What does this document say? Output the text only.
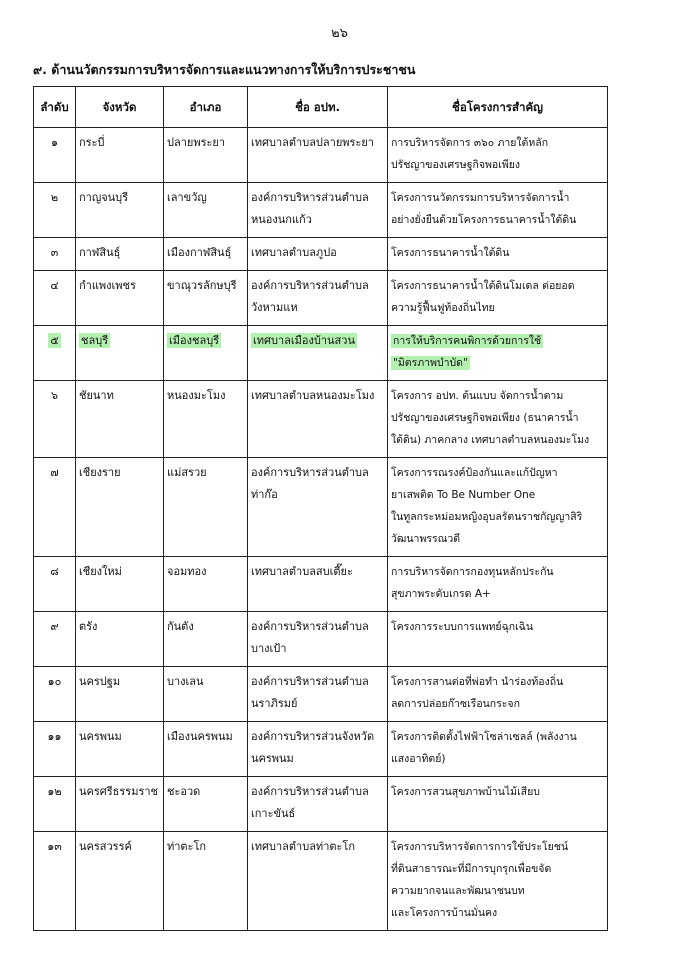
๒๖
๙. ด้านนวัตกรรมการบริหารจัดการและแนวทางการให้บริการประชาชน
ลำดับ	จังหวัด	อำเภอ	ชื่อ อปท.	ชื่อโครงการสำคัญ

๑	กระบี่	ปลายพระยา	เทศบาลตำบลปลายพระยา	การบริหารจัดการ ๓๖๐ ภายใต้หลัก
ปรัชญาของเศรษฐกิจพอเพียง

๒	กาญจนบุรี	เลาขวัญ	องค์การบริหารส่วนตำบล
หนองนกแก้ว	โครงการนวัตกรรมการบริหารจัดการน้ำ
อย่างยั่งยืนด้วยโครงการธนาคารน้ำใต้ดิน

๓	กาฬสินธุ์	เมืองกาฬสินธุ์	เทศบาลตำบลภูปอ	โครงการธนาคารน้ำใต้ดิน

๔	กำแพงเพชร	ขาณุวรลักษบุรี	องค์การบริหารส่วนตำบล
วังหามแห	โครงการธนาคารน้ำใต้ดินโมเดล ต่อยอด
ความรู้ฟื้นฟูท้องถิ่นไทย

๕	ชลบุรี	เมืองชลบุรี	เทศบาลเมืองบ้านสวน	การให้บริการคนพิการด้วยการใช้
"มิตรภาพบำบัด"

๖	ชัยนาท	หนองมะโมง	เทศบาลตำบลหนองมะโมง	โครงการ อปท. ต้นแบบ จัดการน้ำตาม
ปรัชญาของเศรษฐกิจพอเพียง (ธนาคารน้ำ
ใต้ดิน) ภาคกลาง เทศบาลตำบลหนองมะโมง

๗	เชียงราย	แม่สรวย	องค์การบริหารส่วนตำบล
ท่าก๊อ	โครงการรณรงค์ป้องกันและแก้ปัญหา
ยาเสพติด To Be Number One
ในทูลกระหม่อมหญิงอุบลรัตนราชกัญญาสิริ
วัฒนาพรรณวดี

๘	เชียงใหม่	จอมทอง	เทศบาลตำบลสบเตี๊ยะ	การบริหารจัดการกองทุนหลักประกัน
สุขภาพระดับเกรด A+

๙	ตรัง	กันตัง	องค์การบริหารส่วนตำบล
บางเป้า	โครงการระบบการแพทย์ฉุกเฉิน

๑๐	นครปฐม	บางเลน	องค์การบริหารส่วนตำบล
นราภิรมย์	โครงการสานต่อที่พ่อทำ นำร่องท้องถิ่น
ลดการปล่อยก๊าซเรือนกระจก

๑๑	นครพนม	เมืองนครพนม	องค์การบริหารส่วนจังหวัด
นครพนม	โครงการติดตั้งไฟฟ้าโซล่าเซลล์ (พลังงาน
แสงอาทิตย์)

๑๒	นครศรีธรรมราช	ชะอวด	องค์การบริหารส่วนตำบล
เกาะขันธ์	โครงการสวนสุขภาพบ้านไม้เสียบ

๑๓	นครสวรรค์	ท่าตะโก	เทศบาลตำบลท่าตะโก	โครงการบริหารจัดการการใช้ประโยชน์
ที่ดินสาธารณะที่มีการบุกรุกเพื่อขจัด
ความยากจนและพัฒนาชนบท
และโครงการบ้านมั่นคง
